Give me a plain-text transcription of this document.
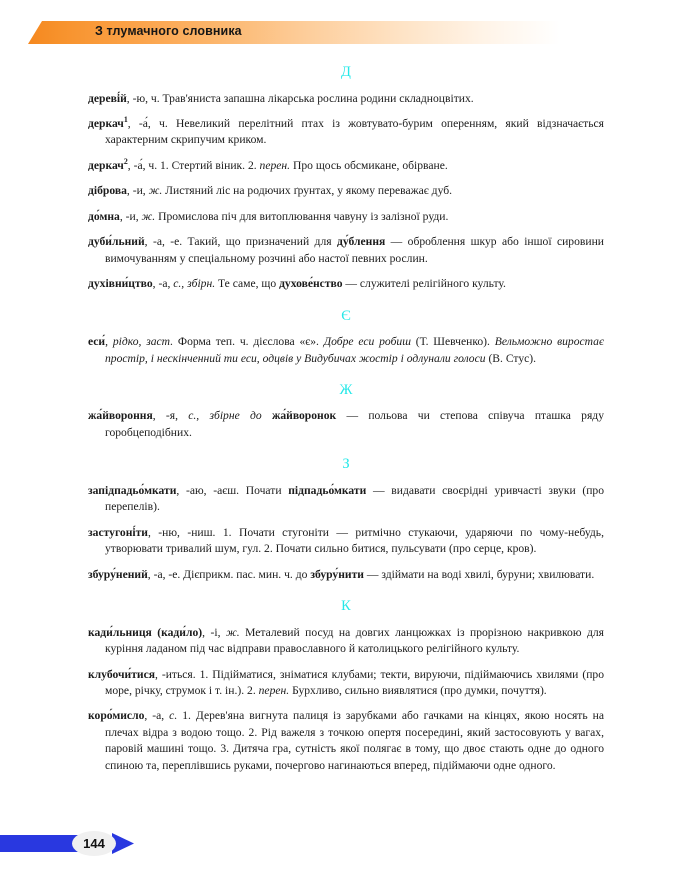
З тлумачного словника
Д

дереві́й, -ю, ч. Трав'яниста запашна лікарська рослина родини складноцвітих.

деркач$^1$, -а́, ч. Невеликий перелітний птах із жовтувато-бурим оперенням, який відзначається характерним скрипучим криком.

деркач$^2$, -а́, ч. 1. Стертий віник. 2. перен. Про щось обсмикане, обірване.

діброва, -и, ж. Листяний ліс на родючих ґрунтах, у якому переважає дуб.

до́мна, -и, ж. Промислова піч для витоплювання чавуну із залізної руди.

дуби́льний, -а, -е. Такий, що призначений для ду́блення — оброблення шкур або іншої сировини вимочуванням у спеціальному розчині або настої певних рослин.

духівни́цтво, -а, с., збірн. Те саме, що духове́нство — служителі релігійного культу.

Є

еси́, рідко, заст. Форма теп. ч. дієслова «є». Добре еси робиш (Т. Шевченко). Вельможно виростає простір, і нескінченний ти еси, одцвів у Видубичах жостір і одлунали голоси (В. Стус).

Ж

жа́йвороння, -я, с., збірне до жа́йворонок — польова чи степова співуча пташка ряду горобцеподібних.

З

запідпадьо́мкати, -аю, -аєш. Почати підпадьо́мкати — видавати своєрідні уривчасті звуки (про перепелів).

застугоні́ти, -ню, -ниш. 1. Почати стугоніти — ритмічно стукаючи, ударяючи по чому-небудь, утворювати тривалий шум, гул. 2. Почати сильно битися, пульсувати (про серце, кров).

збуру́нений, -а, -е. Дієприкм. пас. мин. ч. до збуру́нити — здіймати на воді хвилі, буруни; хвилювати.

К

кади́льниця (кади́ло), -і, ж. Металевий посуд на довгих ланцюжках із прорізною накривкою для куріння ладаном під час відправи православного й католицького релігійного культу.

клубочи́тися, -иться. 1. Підійматися, зніматися клубами; текти, вируючи, підіймаючись хвилями (про море, річку, струмок і т. ін.). 2. перен. Бурхливо, сильно виявлятися (про думки, почуття).

коро́мисло, -а, с. 1. Дерев'яна вигнута палиця із зарубками або гачками на кінцях, якою носять на плечах відра з водою тощо. 2. Рід важеля з точкою опертя посередині, який застосовують у вагах, паровій машині тощо. 3. Дитяча гра, сутність якої полягає в тому, що двоє стають одне до одного спиною та, переплівшись руками, почергово нагинаються вперед, підіймаючи одне одного.

144
